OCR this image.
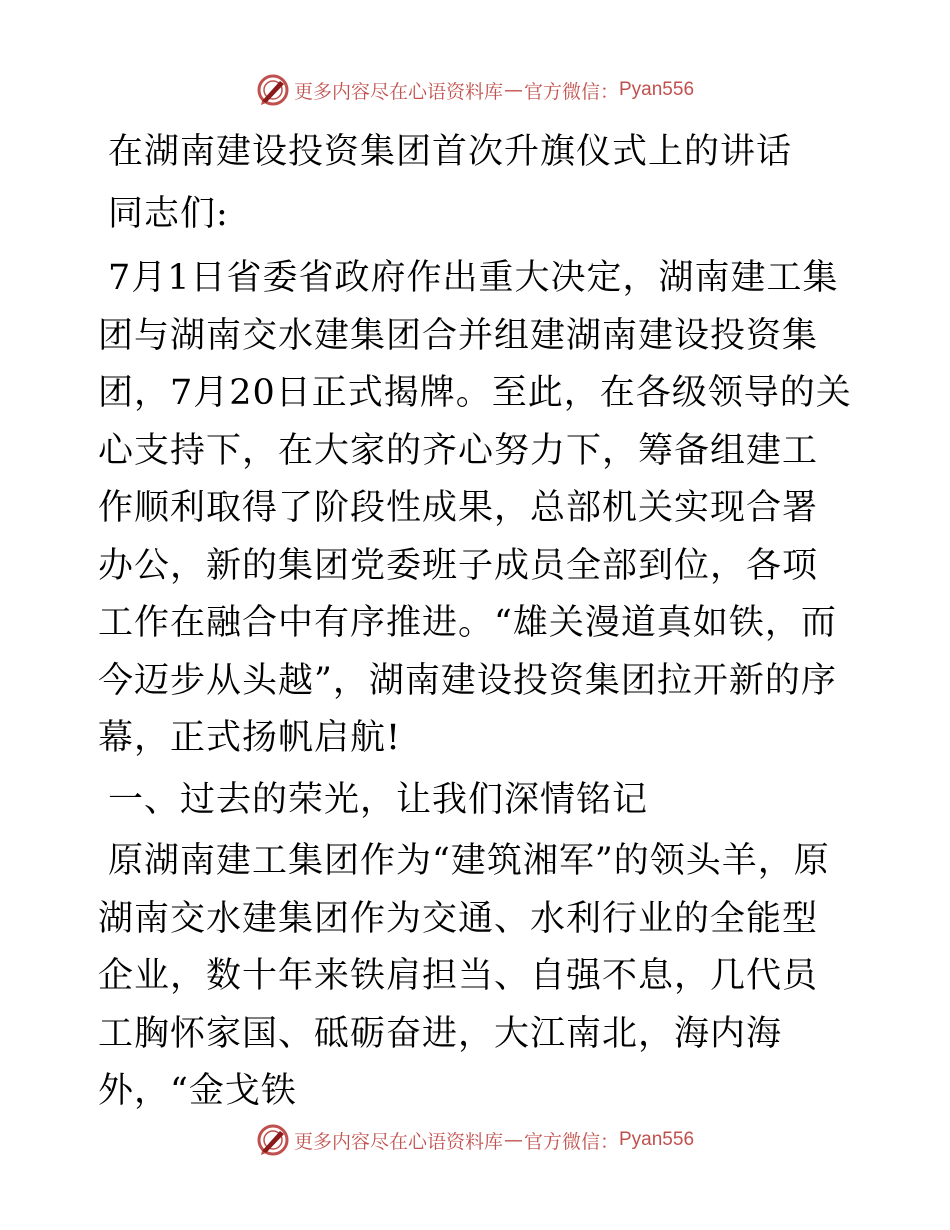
更多内容尽在心语资料库 — 官方微信： Pyan556

在湖南建设投资集团首次升旗仪式上的讲话

同志们:

7月1日省委省政府作出重大决定，湖南建工集团与湖南交水建集团合并组建湖南建设投资集团，7月20日正式揭牌。至此，在各级领导的关心支持下，在大家的齐心努力下，筹备组建工作顺利取得了阶段性成果，总部机关实现合署办公，新的集团党委班子成员全部到位，各项工作在融合中有序推进。“雄关漫道真如铁，而今迈步从头越”，湖南建设投资集团拉开新的序幕，正式扬帆启航!

一、过去的荣光，让我们深情铭记

原湖南建工集团作为“建筑湘军”的领头羊，原湖南交水建集团作为交通、水利行业的全能型企业，数十年来铁肩担当、自强不息，几代员工胸怀家国、砥砺奋进，大江南北，海内海外，“金戈铁

更多内容尽在心语资料库 — 官方微信： Pyan556
